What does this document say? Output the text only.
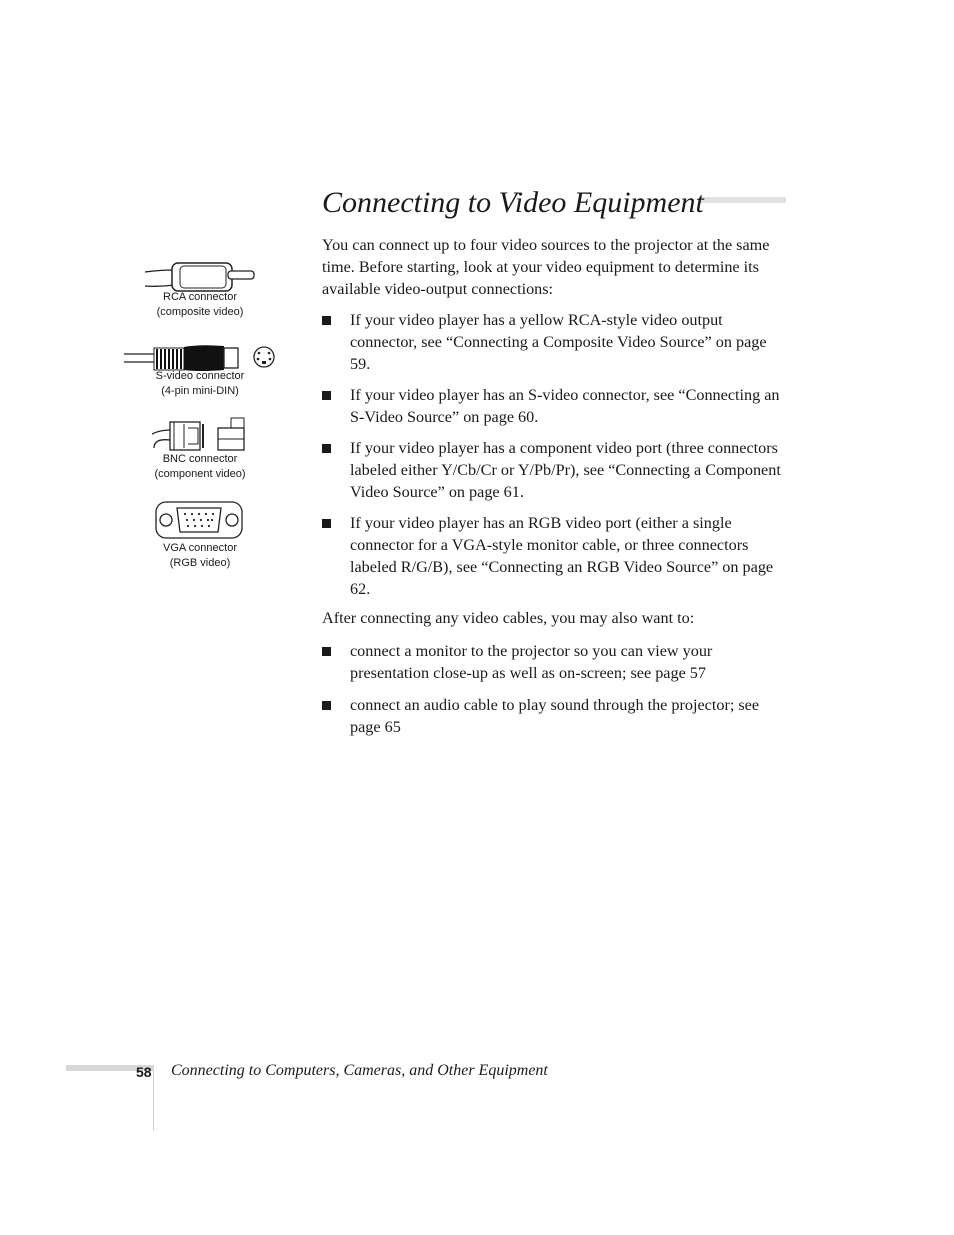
Connecting to Video Equipment
RCA connector
(composite video)
S-video connector
(4-pin mini-DIN)
BNC connector
(component video)
VGA connector
(RGB video)

You can connect up to four video sources to the projector at the same time. Before starting, look at your video equipment to determine its available video-output connections:

If your video player has a yellow RCA-style video output connector, see “Connecting a Composite Video Source” on page 59.
If your video player has an S-video connector, see “Connecting an S-Video Source” on page 60.
If your video player has a component video port (three connectors labeled either Y/Cb/Cr or Y/Pb/Pr), see “Connecting a Component Video Source” on page 61.
If your video player has an RGB video port (either a single connector for a VGA-style monitor cable, or three connectors labeled R/G/B), see “Connecting an RGB Video Source” on page 62.

After connecting any video cables, you may also want to:

connect a monitor to the projector so you can view your presentation close-up as well as on-screen; see page 57
connect an audio cable to play sound through the projector; see page 65
58 Connecting to Computers, Cameras, and Other Equipment
